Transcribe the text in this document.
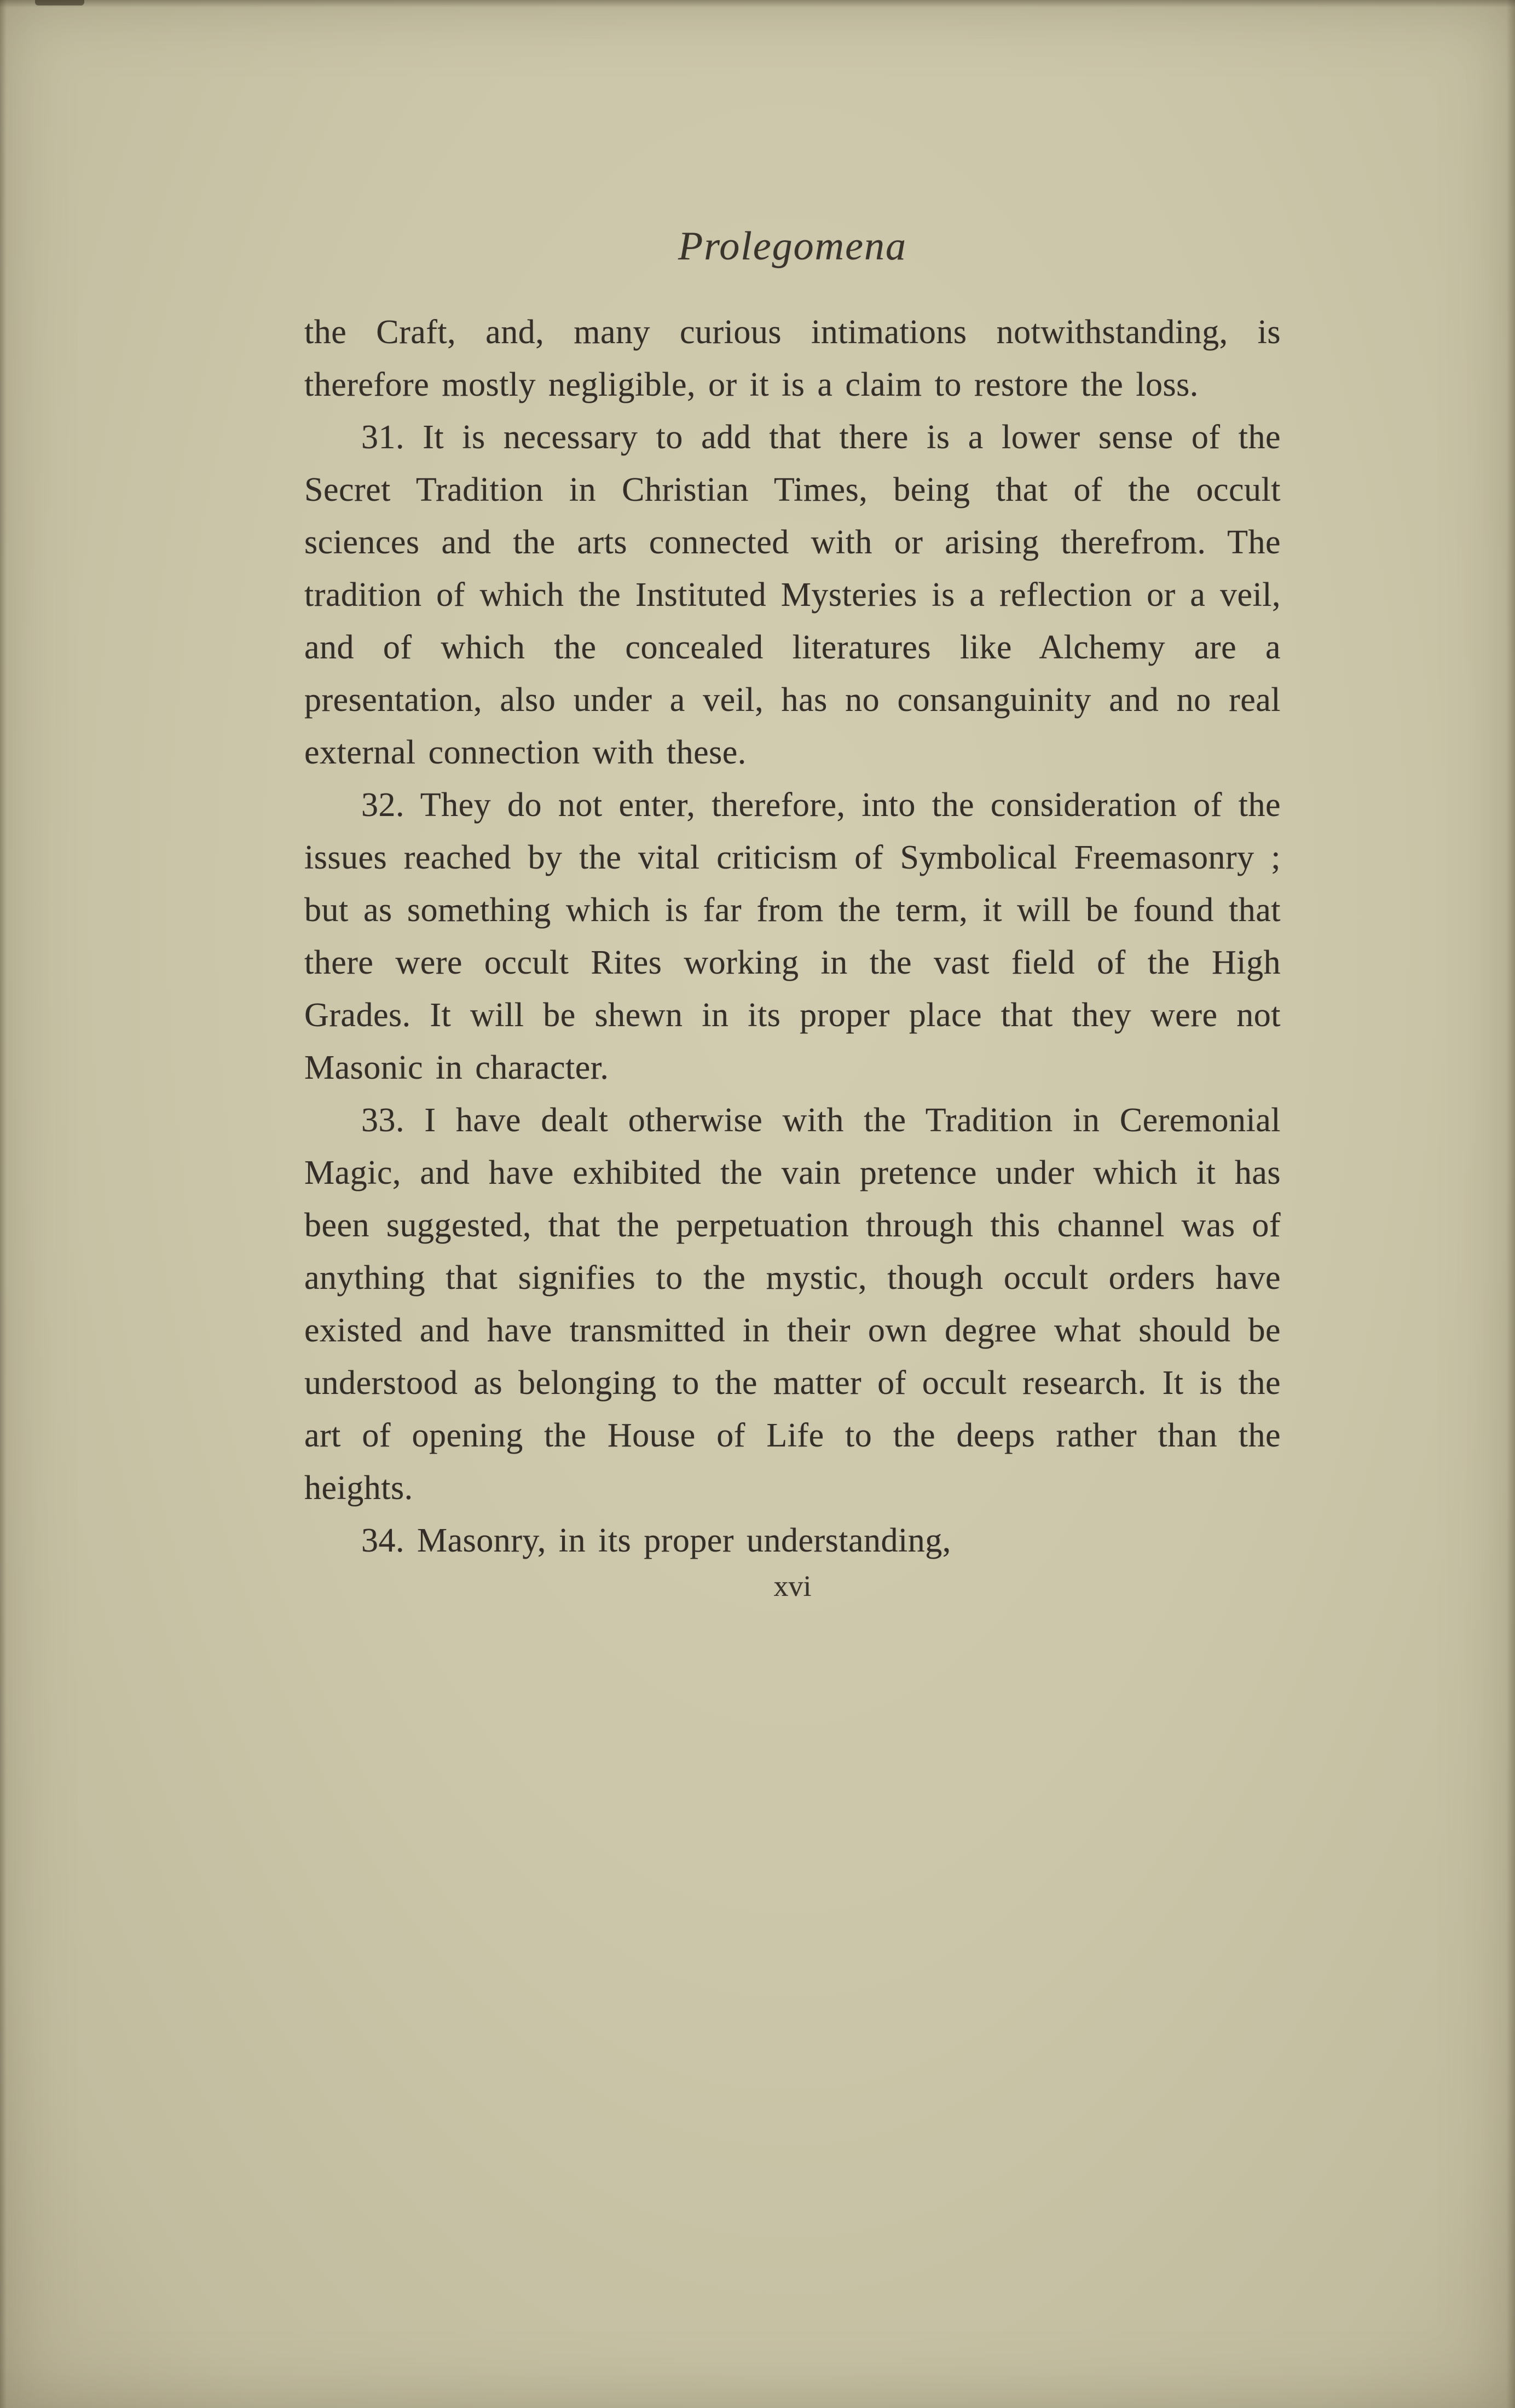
Prolegomena

the Craft, and, many curious intimations notwithstanding, is therefore mostly negligible, or it is a claim to restore the loss.

31. It is necessary to add that there is a lower sense of the Secret Tradition in Christian Times, being that of the occult sciences and the arts connected with or arising therefrom. The tradition of which the Instituted Mysteries is a reflection or a veil, and of which the concealed literatures like Alchemy are a presentation, also under a veil, has no consanguinity and no real external connection with these.

32. They do not enter, therefore, into the consideration of the issues reached by the vital criticism of Symbolical Freemasonry ; but as something which is far from the term, it will be found that there were occult Rites working in the vast field of the High Grades. It will be shewn in its proper place that they were not Masonic in character.

33. I have dealt otherwise with the Tradition in Ceremonial Magic, and have exhibited the vain pretence under which it has been suggested, that the perpetuation through this channel was of anything that signifies to the mystic, though occult orders have existed and have transmitted in their own degree what should be understood as belonging to the matter of occult research. It is the art of opening the House of Life to the deeps rather than the heights.

34. Masonry, in its proper understanding,

xvi
